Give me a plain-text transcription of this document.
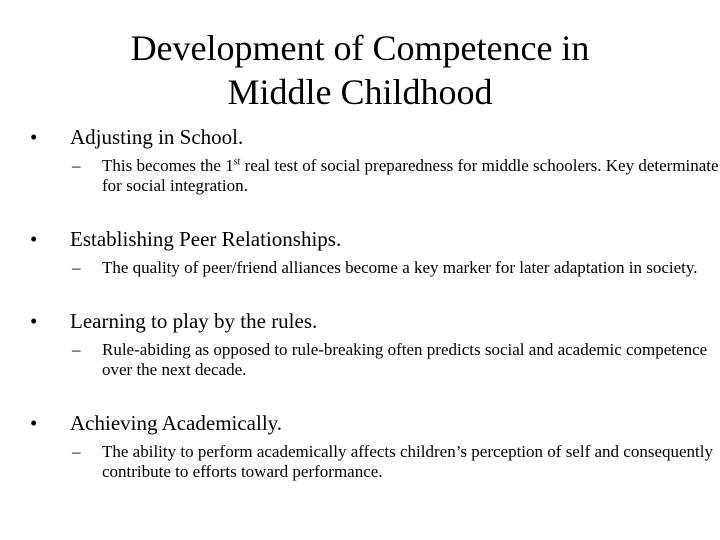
Development of Competence in
Middle Childhood
• Adjusting in School.
– This becomes the 1st real test of social preparedness for middle schoolers. Key determinate for social integration.
• Establishing Peer Relationships.
– The quality of peer/friend alliances become a key marker for later adaptation in society.
• Learning to play by the rules.
– Rule-abiding as opposed to rule-breaking often predicts social and academic competence over the next decade.
• Achieving Academically.
– The ability to perform academically affects children’s perception of self and consequently contribute to efforts toward performance.
